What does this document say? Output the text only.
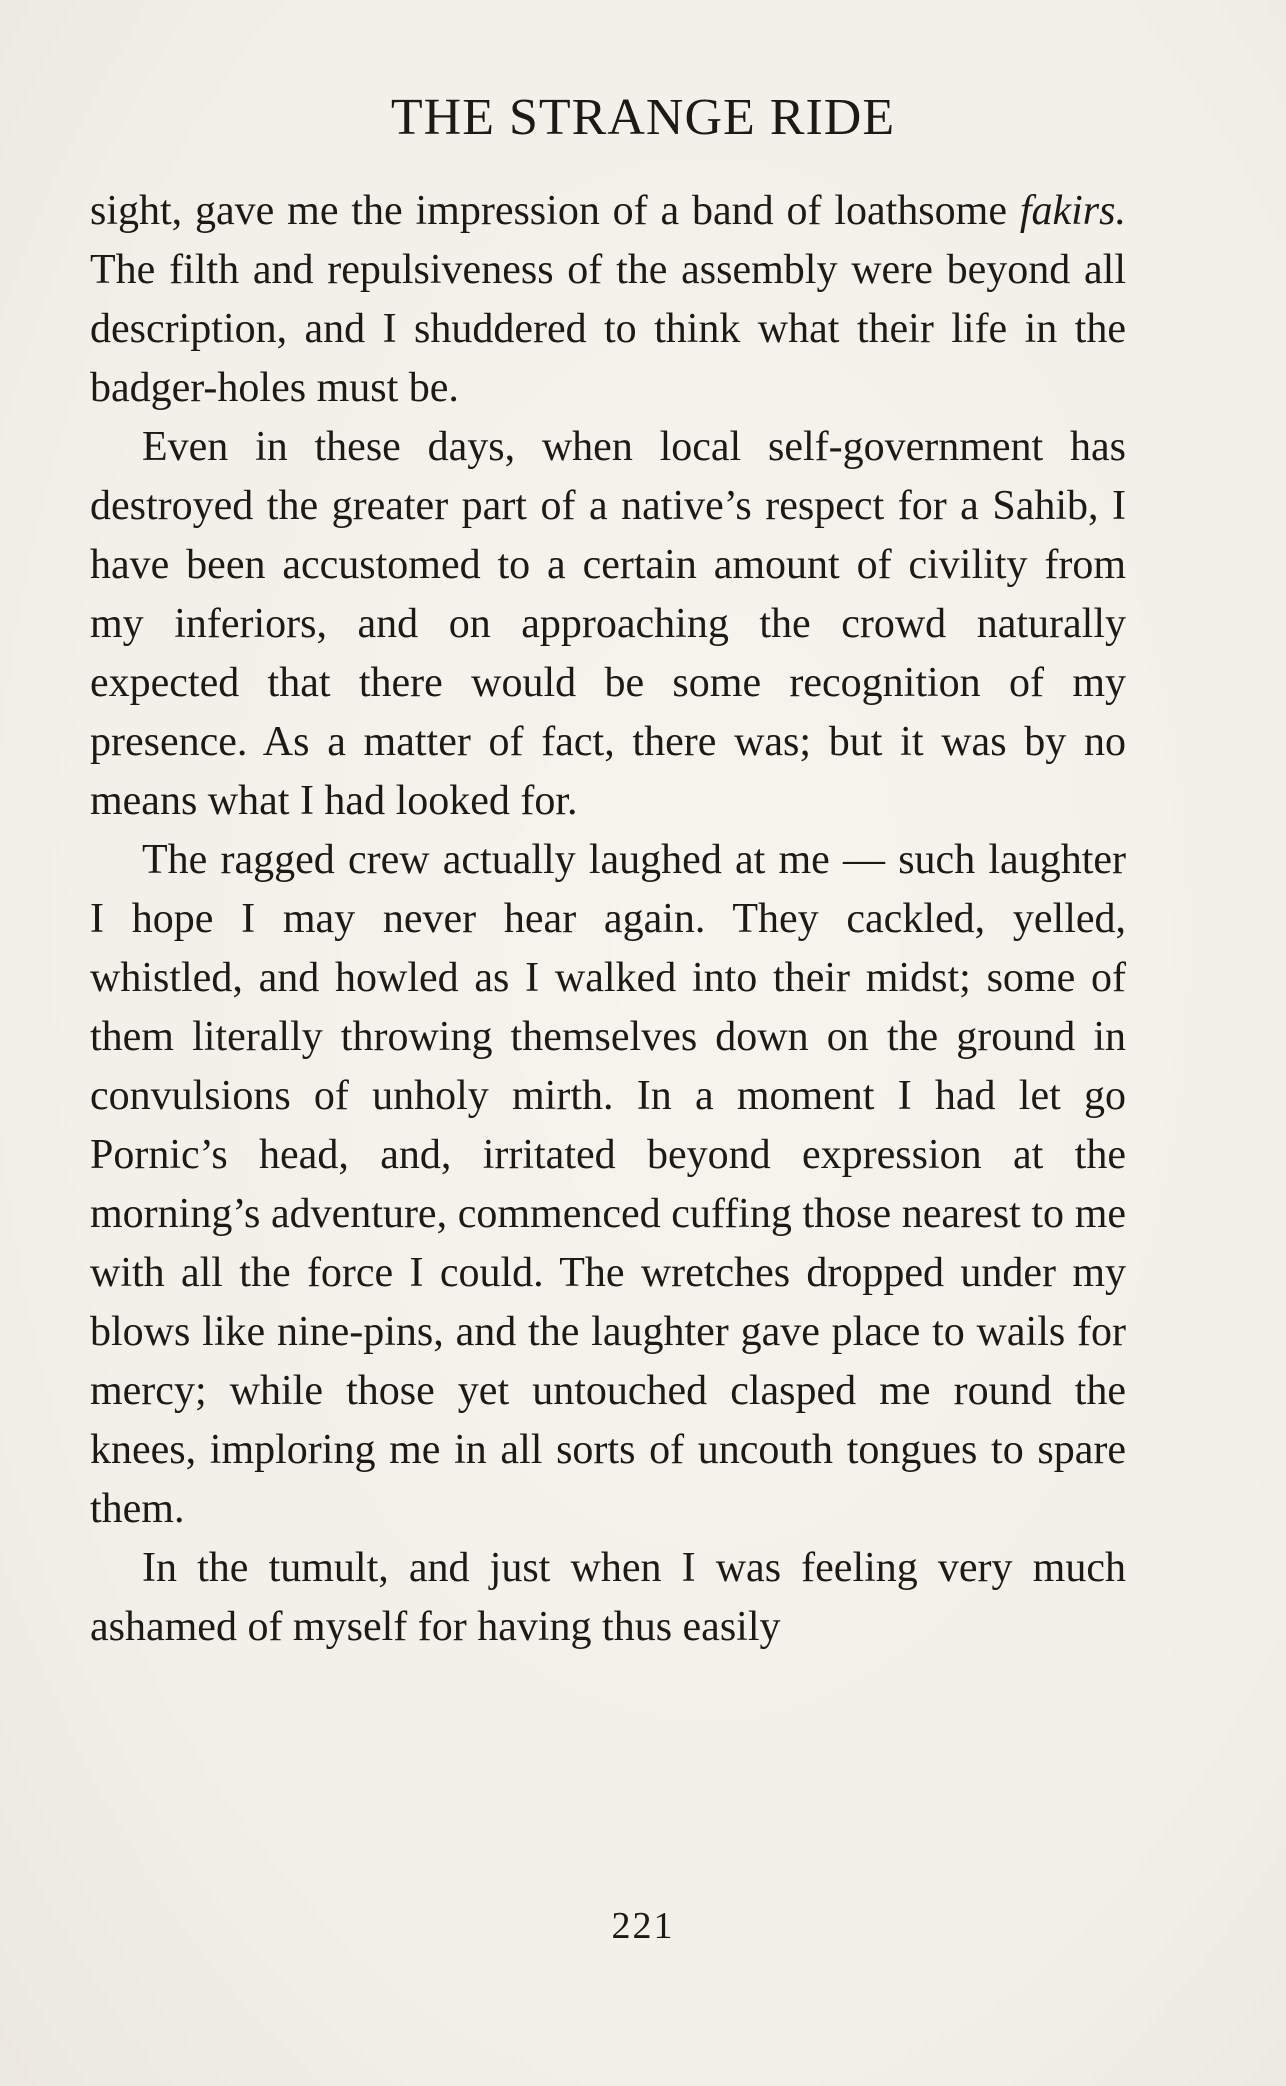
THE STRANGE RIDE

sight, gave me the impression of a band of loathsome fakirs. The filth and repulsiveness of the assembly were beyond all description, and I shuddered to think what their life in the badger-holes must be.

Even in these days, when local self-government has destroyed the greater part of a native’s respect for a Sahib, I have been accustomed to a certain amount of civility from my inferiors, and on approaching the crowd naturally expected that there would be some recognition of my presence. As a matter of fact, there was; but it was by no means what I had looked for.

The ragged crew actually laughed at me — such laughter I hope I may never hear again. They cackled, yelled, whistled, and howled as I walked into their midst; some of them literally throwing themselves down on the ground in convulsions of unholy mirth. In a moment I had let go Pornic’s head, and, irritated beyond expression at the morning’s adventure, commenced cuffing those nearest to me with all the force I could. The wretches dropped under my blows like nine-pins, and the laughter gave place to wails for mercy; while those yet untouched clasped me round the knees, imploring me in all sorts of uncouth tongues to spare them.

In the tumult, and just when I was feeling very much ashamed of myself for having thus easily

221
